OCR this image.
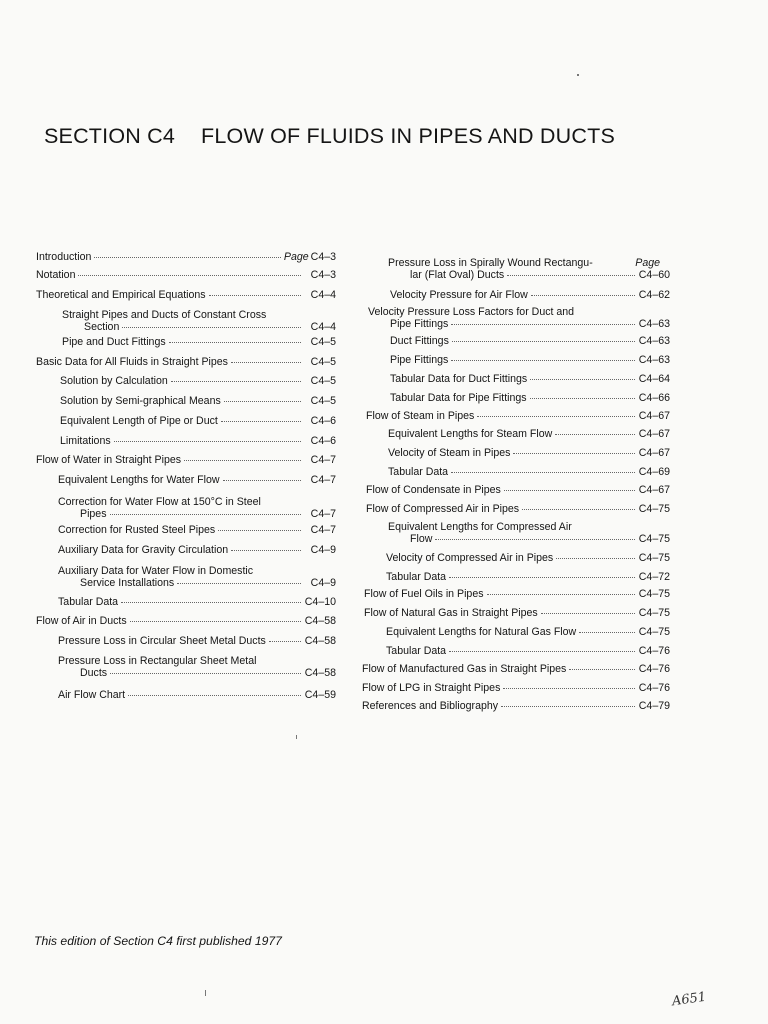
SECTION C4 FLOW OF FLUIDS IN PIPES AND DUCTS
Introduction	Page C4–3
Notation	C4–3
Theoretical and Empirical Equations	C4–4
Straight Pipes and Ducts of Constant Cross
Section	C4–4
Pipe and Duct Fittings	C4–5
Basic Data for All Fluids in Straight Pipes	C4–5
Solution by Calculation	C4–5
Solution by Semi-graphical Means	C4–5
Equivalent Length of Pipe or Duct	C4–6
Limitations	C4–6
Flow of Water in Straight Pipes	C4–7
Equivalent Lengths for Water Flow	C4–7
Correction for Water Flow at 150°C in Steel
Pipes	C4–7
Correction for Rusted Steel Pipes	C4–7
Auxiliary Data for Gravity Circulation	C4–9
Auxiliary Data for Water Flow in Domestic
Service Installations	C4–9
Tabular Data	C4–10
Flow of Air in Ducts	C4–58
Pressure Loss in Circular Sheet Metal Ducts	C4–58
Pressure Loss in Rectangular Sheet Metal
Ducts	C4–58
Air Flow Chart	C4–59
Page
Pressure Loss in Spirally Wound Rectangu-
lar (Flat Oval) Ducts	C4–60
Velocity Pressure for Air Flow	C4–62
Velocity Pressure Loss Factors for Duct and
Pipe Fittings	C4–63
Duct Fittings	C4–63
Pipe Fittings	C4–63
Tabular Data for Duct Fittings	C4–64
Tabular Data for Pipe Fittings	C4–66
Flow of Steam in Pipes	C4–67
Equivalent Lengths for Steam Flow	C4–67
Velocity of Steam in Pipes	C4–67
Tabular Data	C4–69
Flow of Condensate in Pipes	C4–67
Flow of Compressed Air in Pipes	C4–75
Equivalent Lengths for Compressed Air
Flow	C4–75
Velocity of Compressed Air in Pipes	C4–75
Tabular Data	C4–72
Flow of Fuel Oils in Pipes	C4–75
Flow of Natural Gas in Straight Pipes	C4–75
Equivalent Lengths for Natural Gas Flow	C4–75
Tabular Data	C4–76
Flow of Manufactured Gas in Straight Pipes	C4–76
Flow of LPG in Straight Pipes	C4–76
References and Bibliography	C4–79
This edition of Section C4 first published 1977
A651
